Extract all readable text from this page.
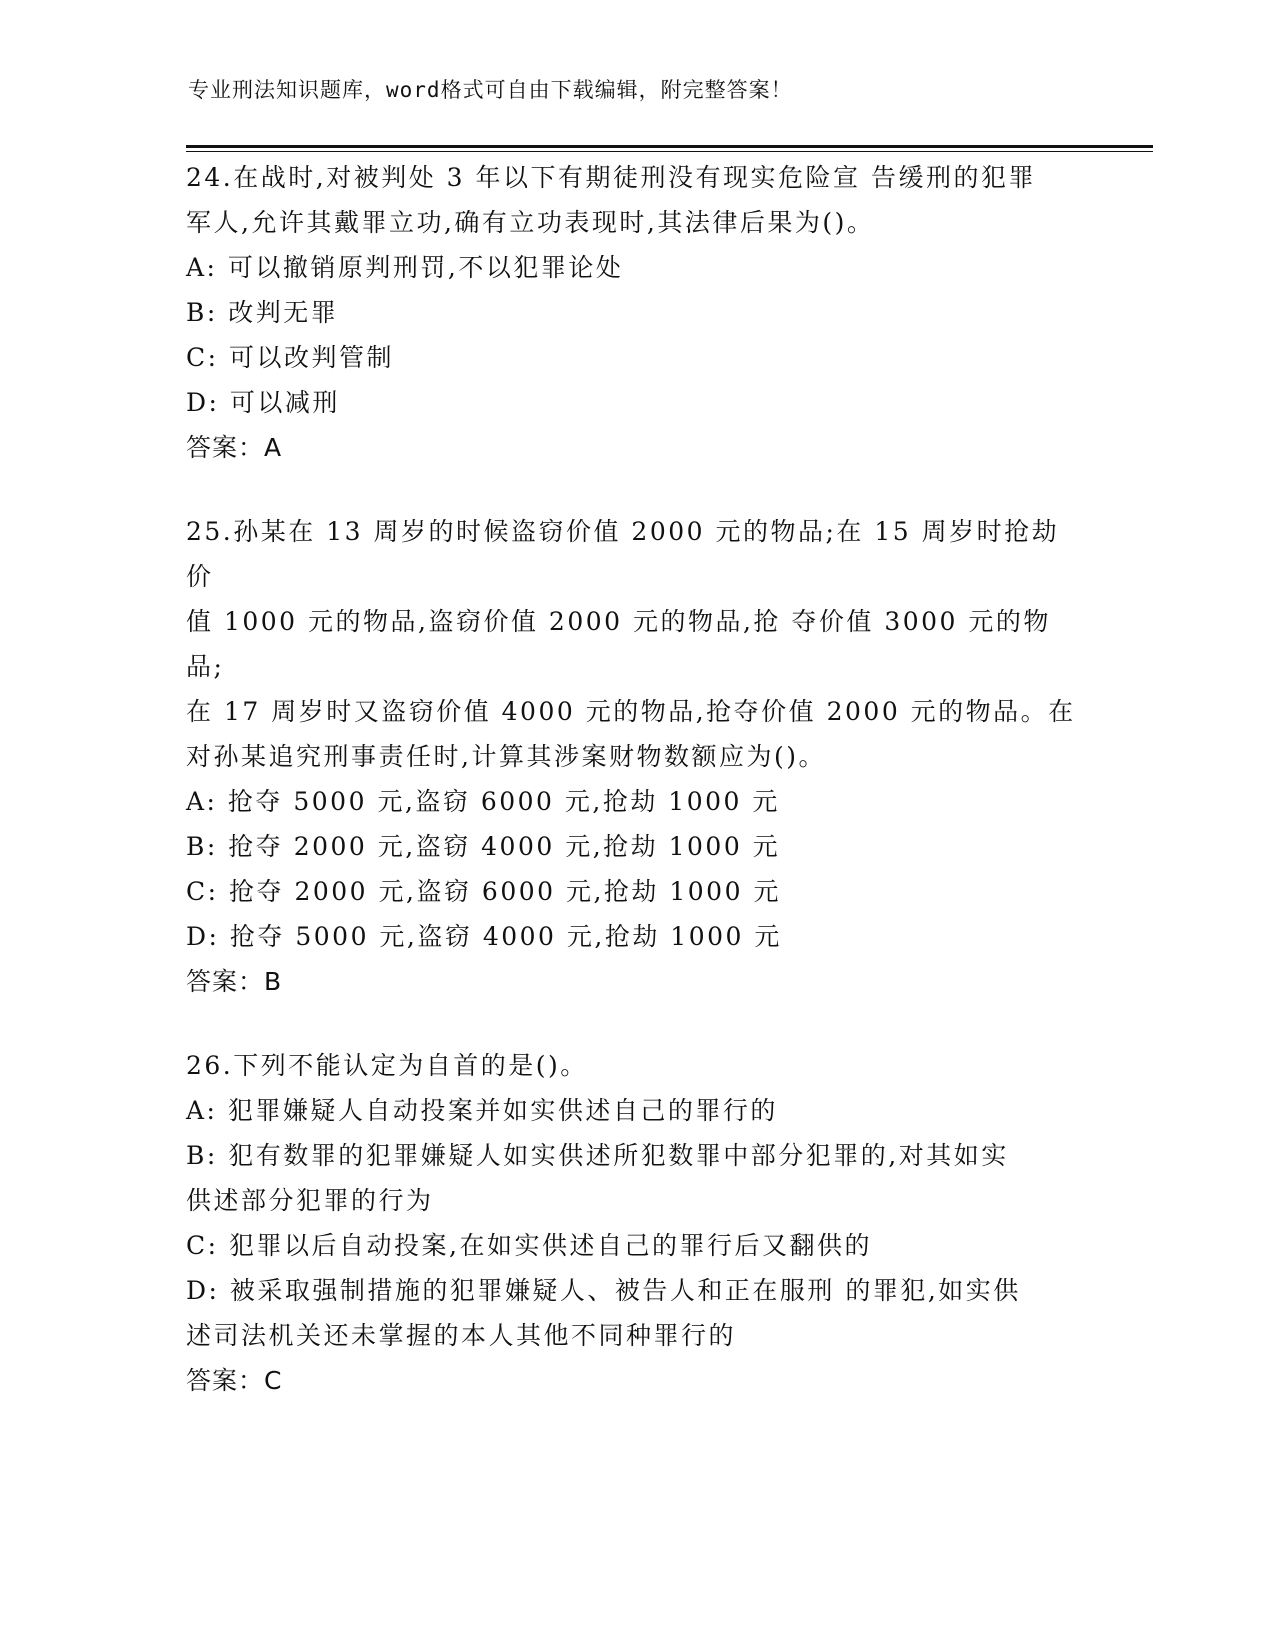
专业刑法知识题库，word格式可自由下载编辑，附完整答案！

24.在战时,对被判处 3 年以下有期徒刑没有现实危险宣 告缓刑的犯罪

军人,允许其戴罪立功,确有立功表现时,其法律后果为()。

A: 可以撤销原判刑罚,不以犯罪论处

B: 改判无罪

C: 可以改判管制

D: 可以减刑

答案：A

25.孙某在 13 周岁的时候盗窃价值 2000 元的物品;在 15 周岁时抢劫价

值 1000 元的物品,盗窃价值 2000 元的物品,抢 夺价值 3000 元的物品;

在 17 周岁时又盗窃价值 4000 元的物品,抢夺价值 2000 元的物品。在

对孙某追究刑事责任时,计算其涉案财物数额应为()。

A: 抢夺 5000 元,盗窃 6000 元,抢劫 1000 元

B: 抢夺 2000 元,盗窃 4000 元,抢劫 1000 元

C: 抢夺 2000 元,盗窃 6000 元,抢劫 1000 元

D: 抢夺 5000 元,盗窃 4000 元,抢劫 1000 元

答案：B

26.下列不能认定为自首的是()。

A: 犯罪嫌疑人自动投案并如实供述自己的罪行的

B: 犯有数罪的犯罪嫌疑人如实供述所犯数罪中部分犯罪的,对其如实

供述部分犯罪的行为

C: 犯罪以后自动投案,在如实供述自己的罪行后又翻供的

D: 被采取强制措施的犯罪嫌疑人、被告人和正在服刑 的罪犯,如实供

述司法机关还未掌握的本人其他不同种罪行的

答案：C
